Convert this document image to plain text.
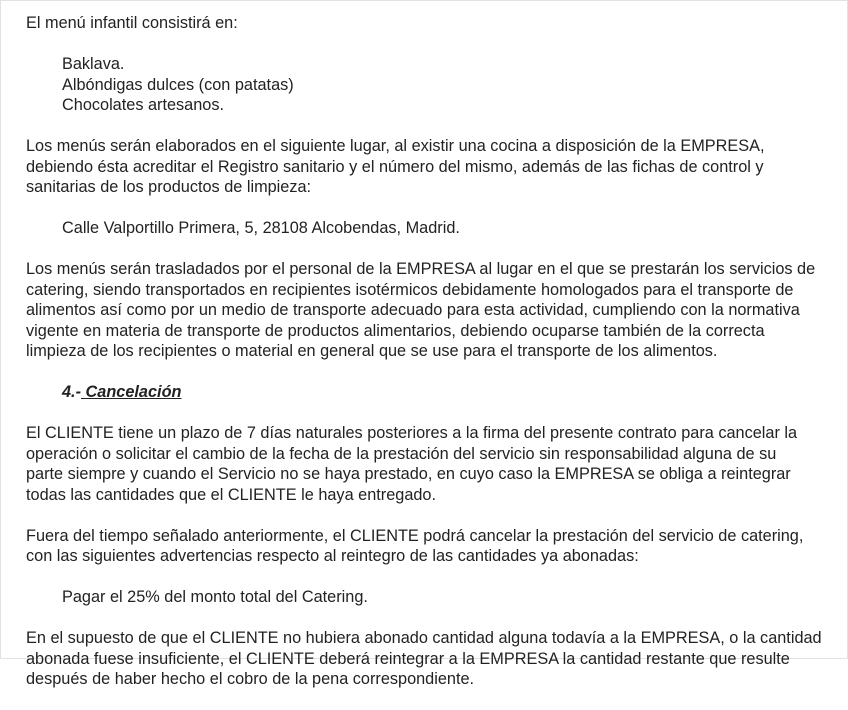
El menú infantil consistirá en:

Baklava.
Albóndigas dulces (con patatas)
Chocolates artesanos.

Los menús serán elaborados en el siguiente lugar, al existir una cocina a disposición de la EMPRESA,
debiendo ésta acreditar el Registro sanitario y el número del mismo, además de las fichas de control y
sanitarias de los productos de limpieza:

Calle Valportillo Primera, 5, 28108 Alcobendas, Madrid.

Los menús serán trasladados por el personal de la EMPRESA al lugar en el que se prestarán los servicios de
catering, siendo transportados en recipientes isotérmicos debidamente homologados para el transporte de
alimentos así como por un medio de transporte adecuado para esta actividad, cumpliendo con la normativa
vigente en materia de transporte de productos alimentarios, debiendo ocuparse también de la correcta
limpieza de los recipientes o material en general que se use para el transporte de los alimentos.

4.- Cancelación

El CLIENTE tiene un plazo de 7 días naturales posteriores a la firma del presente contrato para cancelar la
operación o solicitar el cambio de la fecha de la prestación del servicio sin responsabilidad alguna de su
parte siempre y cuando el Servicio no se haya prestado, en cuyo caso la EMPRESA se obliga a reintegrar
todas las cantidades que el CLIENTE le haya entregado.

Fuera del tiempo señalado anteriormente, el CLIENTE podrá cancelar la prestación del servicio de catering,
con las siguientes advertencias respecto al reintegro de las cantidades ya abonadas:

Pagar el 25% del monto total del Catering.

En el supuesto de que el CLIENTE no hubiera abonado cantidad alguna todavía a la EMPRESA, o la cantidad
abonada fuese insuficiente, el CLIENTE deberá reintegrar a la EMPRESA la cantidad restante que resulte
después de haber hecho el cobro de la pena correspondiente.
